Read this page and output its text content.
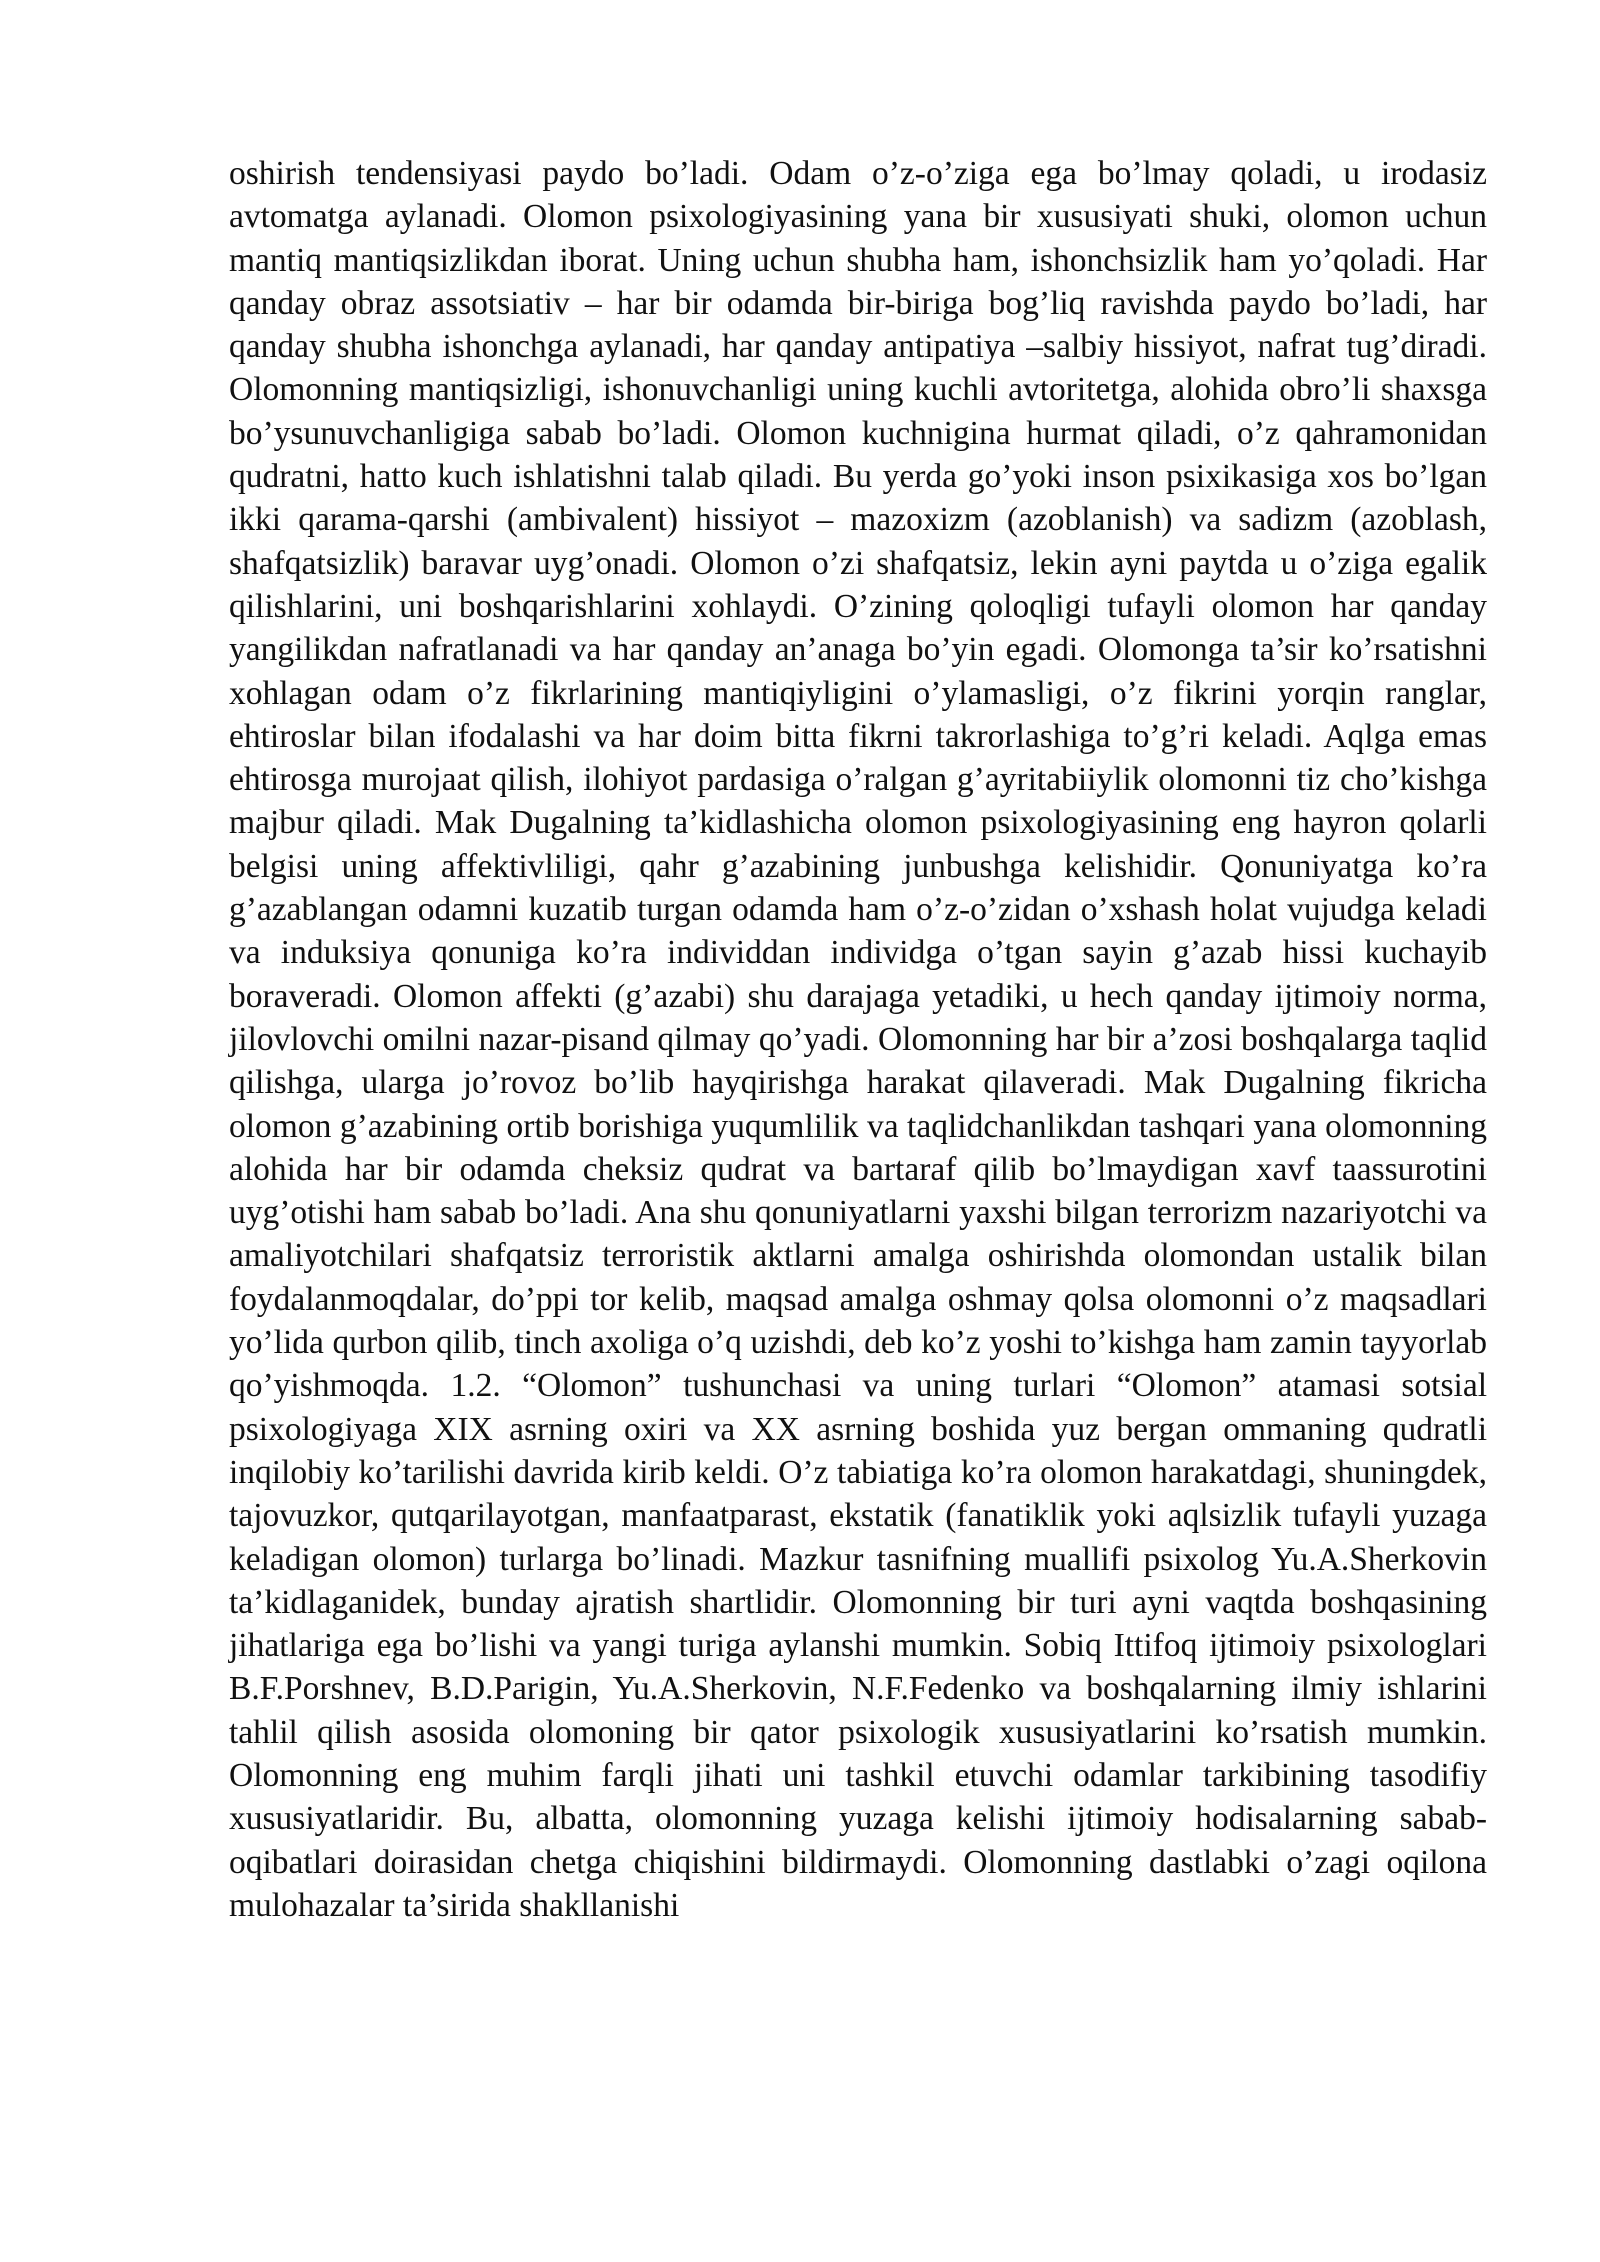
oshirish tendensiyasi paydo bo’ladi. Odam o’z-o’ziga ega bo’lmay qoladi, u irodasiz avtomatga aylanadi. Olomon psixologiyasining yana bir xususiyati shuki, olomon uchun mantiq mantiqsizlikdan iborat. Uning uchun shubha ham, ishonchsizlik ham yo’qoladi. Har qanday obraz assotsiativ – har bir odamda bir-biriga bog’liq ravishda paydo bo’ladi, har qanday shubha ishonchga aylanadi, har qanday antipatiya –salbiy hissiyot, nafrat tug’diradi. Olomonning mantiqsizligi, ishonuvchanligi uning kuchli avtoritetga, alohida obro’li shaxsga bo’ysunuvchanligiga sabab bo’ladi. Olomon kuchnigina hurmat qiladi, o’z qahramonidan qudratni, hatto kuch ishlatishni talab qiladi. Bu yerda go’yoki inson psixikasiga xos bo’lgan ikki qarama-qarshi (ambivalent) hissiyot – mazoxizm (azoblanish) va sadizm (azoblash, shafqatsizlik) baravar uyg’onadi. Olomon o’zi shafqatsiz, lekin ayni paytda u o’ziga egalik qilishlarini, uni boshqarishlarini xohlaydi. O’zining qoloqligi tufayli olomon har qanday yangilikdan nafratlanadi va har qanday an’anaga bo’yin egadi. Olomonga ta’sir ko’rsatishni xohlagan odam o’z fikrlarining mantiqiyligini o’ylamasligi, o’z fikrini yorqin ranglar, ehtiroslar bilan ifodalashi va har doim bitta fikrni takrorlashiga to’g’ri keladi. Aqlga emas ehtirosga murojaat qilish, ilohiyot pardasiga o’ralgan g’ayritabiiylik olomonni tiz cho’kishga majbur qiladi. Mak Dugalning ta’kidlashicha olomon psixologiyasining eng hayron qolarli belgisi uning affektivliligi, qahr g’azabining junbushga kelishidir. Qonuniyatga ko’ra g’azablangan odamni kuzatib turgan odamda ham o’z-o’zidan o’xshash holat vujudga keladi va induksiya qonuniga ko’ra individdan individga o’tgan sayin g’azab hissi kuchayib boraveradi. Olomon affekti (g’azabi) shu darajaga yetadiki, u hech qanday ijtimoiy norma, jilovlovchi omilni nazar-pisand qilmay qo’yadi. Olomonning har bir a’zosi boshqalarga taqlid qilishga, ularga jo’rovoz bo’lib hayqirishga harakat qilaveradi. Mak Dugalning fikricha olomon g’azabining ortib borishiga yuqumlilik va taqlidchanlikdan tashqari yana olomonning alohida har bir odamda cheksiz qudrat va bartaraf qilib bo’lmaydigan xavf taassurotini uyg’otishi ham sabab bo’ladi. Ana shu qonuniyatlarni yaxshi bilgan terrorizm nazariyotchi va amaliyotchilari shafqatsiz terroristik aktlarni amalga oshirishda olomondan ustalik bilan foydalanmoqdalar, do’ppi tor kelib, maqsad amalga oshmay qolsa olomonni o’z maqsadlari yo’lida qurbon qilib, tinch axoliga o’q uzishdi, deb ko’z yoshi to’kishga ham zamin tayyorlab qo’yishmoqda. 1.2. “Olomon” tushunchasi va uning turlari “Olomon” atamasi sotsial psixologiyaga XIX asrning oxiri va XX asrning boshida yuz bergan ommaning qudratli inqilobiy ko’tarilishi davrida kirib keldi. O’z tabiatiga ko’ra olomon harakatdagi, shuningdek, tajovuzkor, qutqarilayotgan, manfaatparast, ekstatik (fanatiklik yoki aqlsizlik tufayli yuzaga keladigan olomon) turlarga bo’linadi. Mazkur tasnifning muallifi psixolog Yu.A.Sherkovin ta’kidlaganidek, bunday ajratish shartlidir. Olomonning bir turi ayni vaqtda boshqasining jihatlariga ega bo’lishi va yangi turiga aylanshi mumkin. Sobiq Ittifoq ijtimoiy psixologlari B.F.Porshnev, B.D.Parigin, Yu.A.Sherkovin, N.F.Fedenko va boshqalarning ilmiy ishlarini tahlil qilish asosida olomoning bir qator psixologik xususiyatlarini ko’rsatish mumkin. Olomonning eng muhim farqli jihati uni tashkil etuvchi odamlar tarkibining tasodifiy xususiyatlaridir. Bu, albatta, olomonning yuzaga kelishi ijtimoiy hodisalarning sabab-oqibatlari doirasidan chetga chiqishini bildirmaydi. Olomonning dastlabki o’zagi oqilona mulohazalar ta’sirida shakllanishi
